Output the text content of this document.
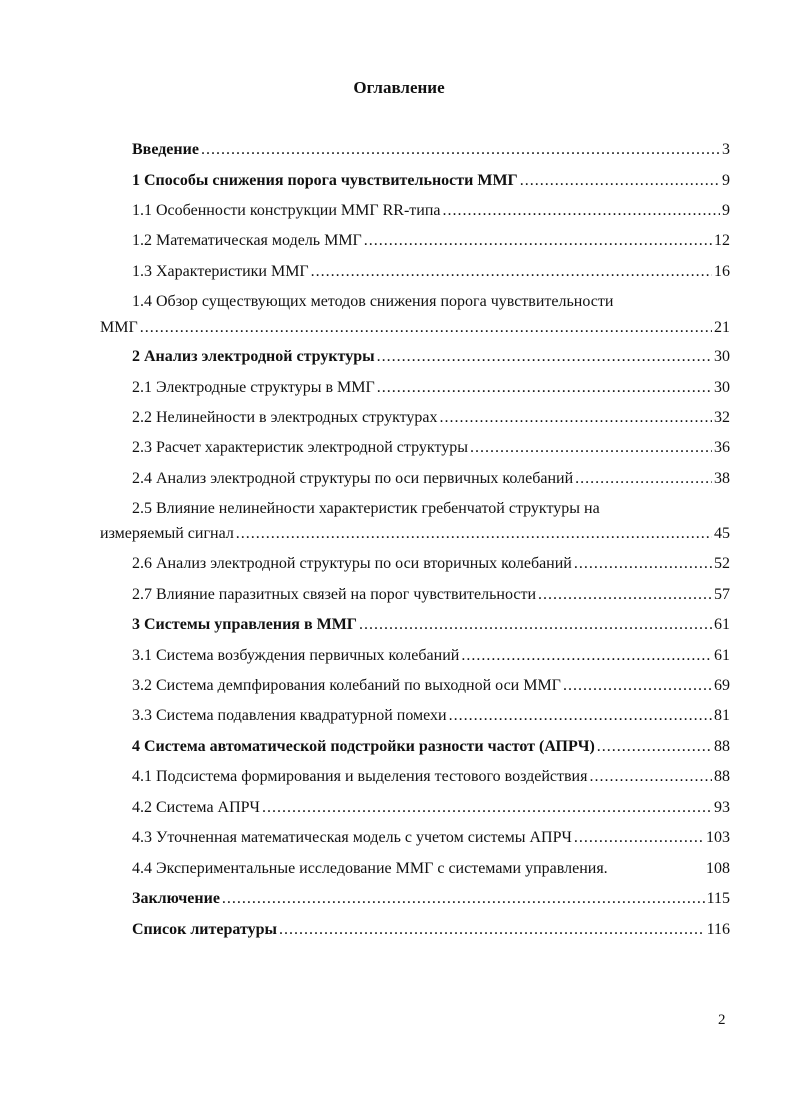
Оглавление
Введение .....	3
1 Способы снижения порога чувствительности ММГ .....	9
1.1 Особенности конструкции ММГ RR-типа .....	9
1.2 Математическая модель ММГ .....	12
1.3 Характеристики ММГ .....	16
1.4 Обзор существующих методов снижения порога чувствительности
ММГ .....	21
2 Анализ электродной структуры .....	30
2.1 Электродные структуры в ММГ .....	30
2.2 Нелинейности в электродных структурах .....	32
2.3 Расчет характеристик электродной структуры .....	36
2.4 Анализ электродной структуры по оси первичных колебаний .....	38
2.5 Влияние нелинейности характеристик гребенчатой структуры на
измеряемый сигнал .....	45
2.6 Анализ электродной структуры по оси вторичных колебаний .....	52
2.7 Влияние паразитных связей на порог чувствительности .....	57
3 Системы управления в ММГ .....	61
3.1 Система возбуждения первичных колебаний .....	61
3.2 Система демпфирования колебаний по выходной оси ММГ .....	69
3.3 Система подавления квадратурной помехи .....	81
4 Система автоматической подстройки разности частот (АПРЧ) .....	88
4.1 Подсистема формирования и выделения тестового воздействия .....	88
4.2 Система АПРЧ .....	93
4.3 Уточненная математическая модель с учетом системы АПРЧ .....	103
4.4 Экспериментальные исследование ММГ с системами управления.	108
Заключение .....	115
Список литературы .....	116
2
